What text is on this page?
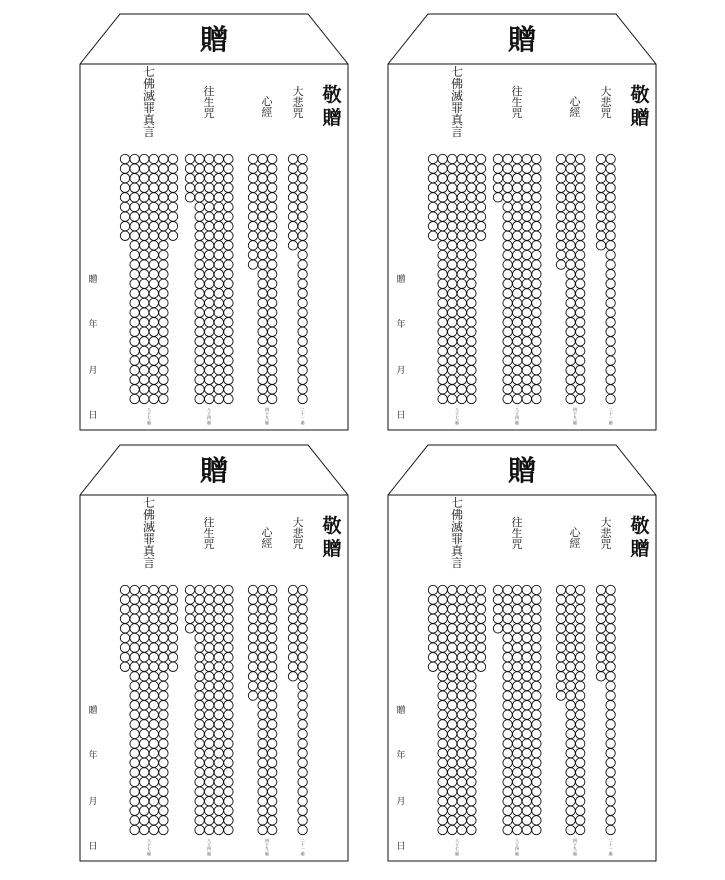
贈
七
佛
滅
罪
真
言
八
十
七
遍
往
生
咒
八
十
四
遍
心
經
四
十
九
遍
大
悲
咒
二
十
一
遍
敬
贈
贈
年
月
日
贈
七
佛
滅
罪
真
言
八
十
七
遍
往
生
咒
八
十
四
遍
心
經
四
十
九
遍
大
悲
咒
二
十
一
遍
敬
贈
贈
年
月
日
贈
七
佛
滅
罪
真
言
八
十
七
遍
往
生
咒
八
十
四
遍
心
經
四
十
九
遍
大
悲
咒
二
十
一
遍
敬
贈
贈
年
月
日
贈
七
佛
滅
罪
真
言
八
十
七
遍
往
生
咒
八
十
四
遍
心
經
四
十
九
遍
大
悲
咒
二
十
一
遍
敬
贈
贈
年
月
日
